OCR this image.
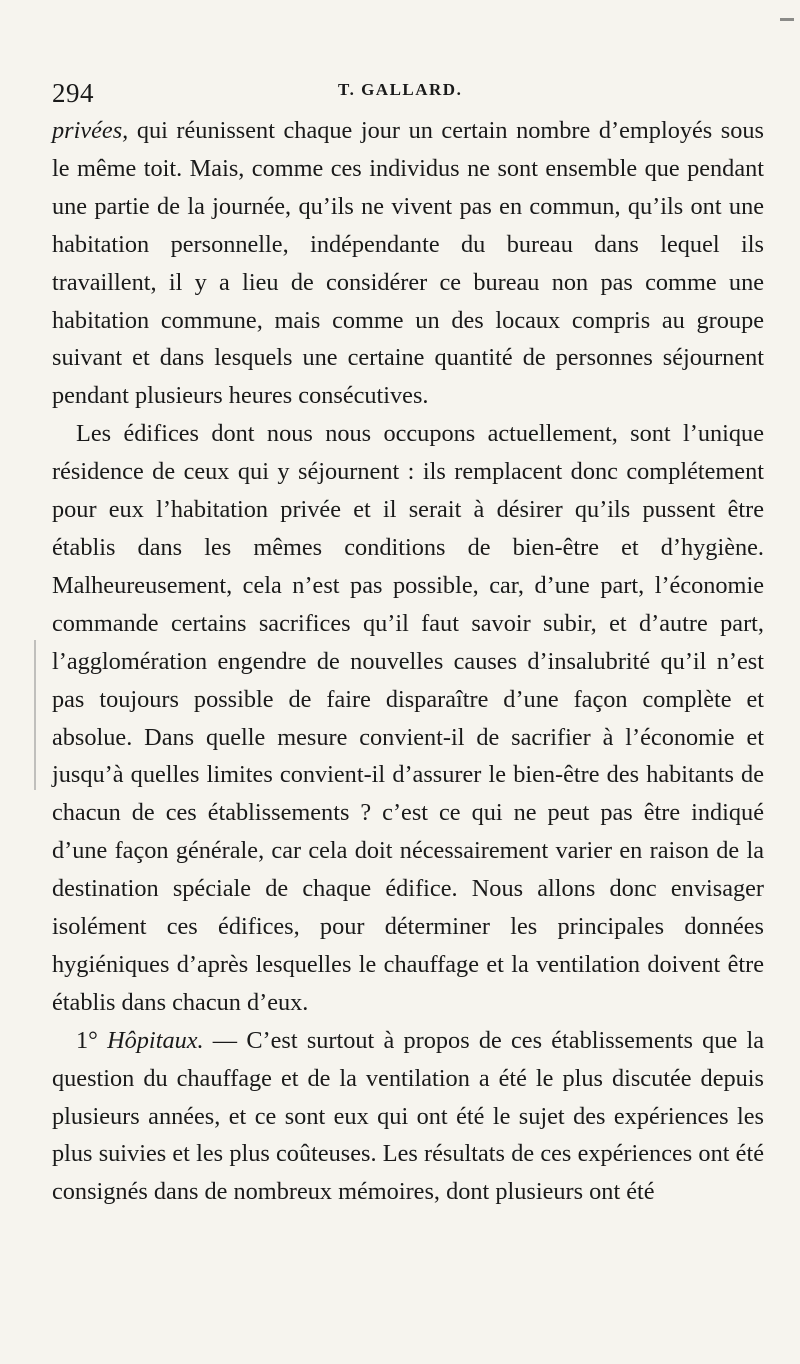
294	T. GALLARD.

privées, qui réunissent chaque jour un certain nombre d’employés sous le même toit. Mais, comme ces individus ne sont ensemble que pendant une partie de la journée, qu’ils ne vivent pas en commun, qu’ils ont une habitation personnelle, indépendante du bureau dans lequel ils travaillent, il y a lieu de considérer ce bureau non pas comme une habitation commune, mais comme un des locaux compris au groupe suivant et dans lesquels une certaine quantité de personnes séjournent pendant plusieurs heures consécutives.

Les édifices dont nous nous occupons actuellement, sont l’unique résidence de ceux qui y séjournent : ils remplacent donc complétement pour eux l’habitation privée et il serait à désirer qu’ils pussent être établis dans les mêmes conditions de bien-être et d’hygiène. Malheureusement, cela n’est pas possible, car, d’une part, l’économie commande certains sacrifices qu’il faut savoir subir, et d’autre part, l’agglomération engendre de nouvelles causes d’insalubrité qu’il n’est pas toujours possible de faire disparaître d’une façon complète et absolue. Dans quelle mesure convient-il de sacrifier à l’économie et jusqu’à quelles limites convient-il d’assurer le bien-être des habitants de chacun de ces établissements ? c’est ce qui ne peut pas être indiqué d’une façon générale, car cela doit nécessairement varier en raison de la destination spéciale de chaque édifice. Nous allons donc envisager isolément ces édifices, pour déterminer les principales données hygiéniques d’après lesquelles le chauffage et la ventilation doivent être établis dans chacun d’eux.

1° Hôpitaux. — C’est surtout à propos de ces établissements que la question du chauffage et de la ventilation a été le plus discutée depuis plusieurs années, et ce sont eux qui ont été le sujet des expériences les plus suivies et les plus coûteuses. Les résultats de ces expériences ont été consignés dans de nombreux mémoires, dont plusieurs ont été
